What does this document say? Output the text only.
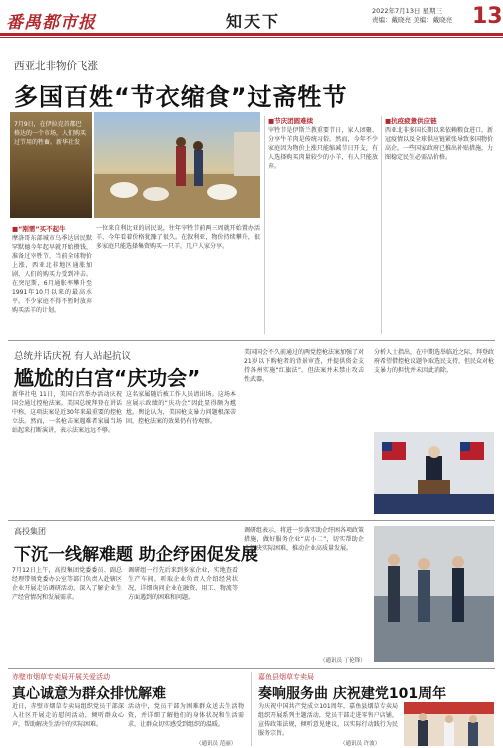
番禺都市报	知天下
2022年7月13日 星期三
责编：戴晓亮 美编：戴晓亮 13
西亚北非物价飞涨
多国百姓“节衣缩食”过斋牲节
7月9日，在伊拉克首都巴格达的一个市场，人们购买过节用的牲畜。新华社发
■“刚需”买不起牛
摩洛哥东部城市乌季达居民默罕默德今年起早就开始攒钱，准备过宰牲节，当前全球物价上涨，西亚北非地区通胀加剧，人们的购买力受到冲击。在突尼斯，6月通胀率攀升至1991年10月以来的最高水平。不少家庭不得不暂时放弃购买活羊的计划。
一位来自利比亚的居民说，往年宰牲节前两三周就开始置办活羊，今年看着价格犹豫了很久。在叙利亚，物价持续攀升，很多家庭只能选择集资购买一只羊，几户人家分享。
■节庆团圆难续
宰牲节是伊斯兰教重要节日，家人团聚、分享牛羊肉是传统习俗。然而，今年不少家庭因为物价上涨只能缩减节日开支，有人选择购买肉量较少的小羊，有人只能放弃。
■抗疫疲惫供应链
西亚北非多国长期以来依赖粮食进口，新冠疫情以及全球供应链紧张导致多国物价高企。一些国家政府已推出补贴措施，力图稳定民生必需品价格。
总统并话庆祝 有人站起抗议
尴尬的白宫“庆功会”
新华社电 11日，美国白宫举办活动庆祝国会通过控枪法案。美国总统拜登在讲话中称，这项法案是近30年来最重要的控枪立法。然而，一名枪击案遇难者家属当场站起来打断演讲，表示法案远远不够。
这名家属随后被工作人员请出场。这场本应展示政绩的“庆功会”因此显得颇为尴尬。舆论认为，美国枪支暴力问题根深蒂固，控枪法案的效果仍有待观察。
美国国会不久前通过的两党控枪法案加强了对21岁以下购枪者的背景审查，并提供资金支持各州实施“红旗法”。但法案并未禁止攻击性武器。
分析人士指出，在中期选举临近之际，拜登政府希望借控枪议题争取选民支持，但民众对枪支暴力的担忧并未因此消除。
高投集团
下沉一线解难题 助企纾困促发展
7月12日上午，高投集团党委委员、副总经理带领党委办公室等部门负责人赴辖区企业开展走访调研活动，深入了解企业生产经营情况和发展需求。
调研组一行先后来到多家企业，实地查看生产车间，听取企业负责人介绍经营状况，详细询问企业在融资、用工、物流等方面遇到的困难和问题。
调研组表示，将进一步落实助企纾困各项政策措施，做好服务企业“店小二”，切实帮助企业解决实际困难，推动企业高质量发展。
（通讯员 丁伦锋）
赤壁市烟草专卖局开展关爱活动
真心诚意为群众排忧解难
近日，赤壁市烟草专卖局组织党员干部深入社区开展走访慰问活动，倾听群众心声，帮助解决生活中的实际困难。
活动中，党员干部为困难群众送去生活物资，并详细了解他们的身体状况和生活需求，让群众切实感受到组织的温暖。
（通讯员 范丽）
嘉鱼县烟草专卖局
奏响服务曲 庆祝建党101周年
为庆祝中国共产党成立101周年，嘉鱼县烟草专卖局组织开展系列主题活动，党员干部走进零售户店铺，宣传政策法规，倾听意见建议，以实际行动践行为民服务宗旨。
（通讯员 许波）
